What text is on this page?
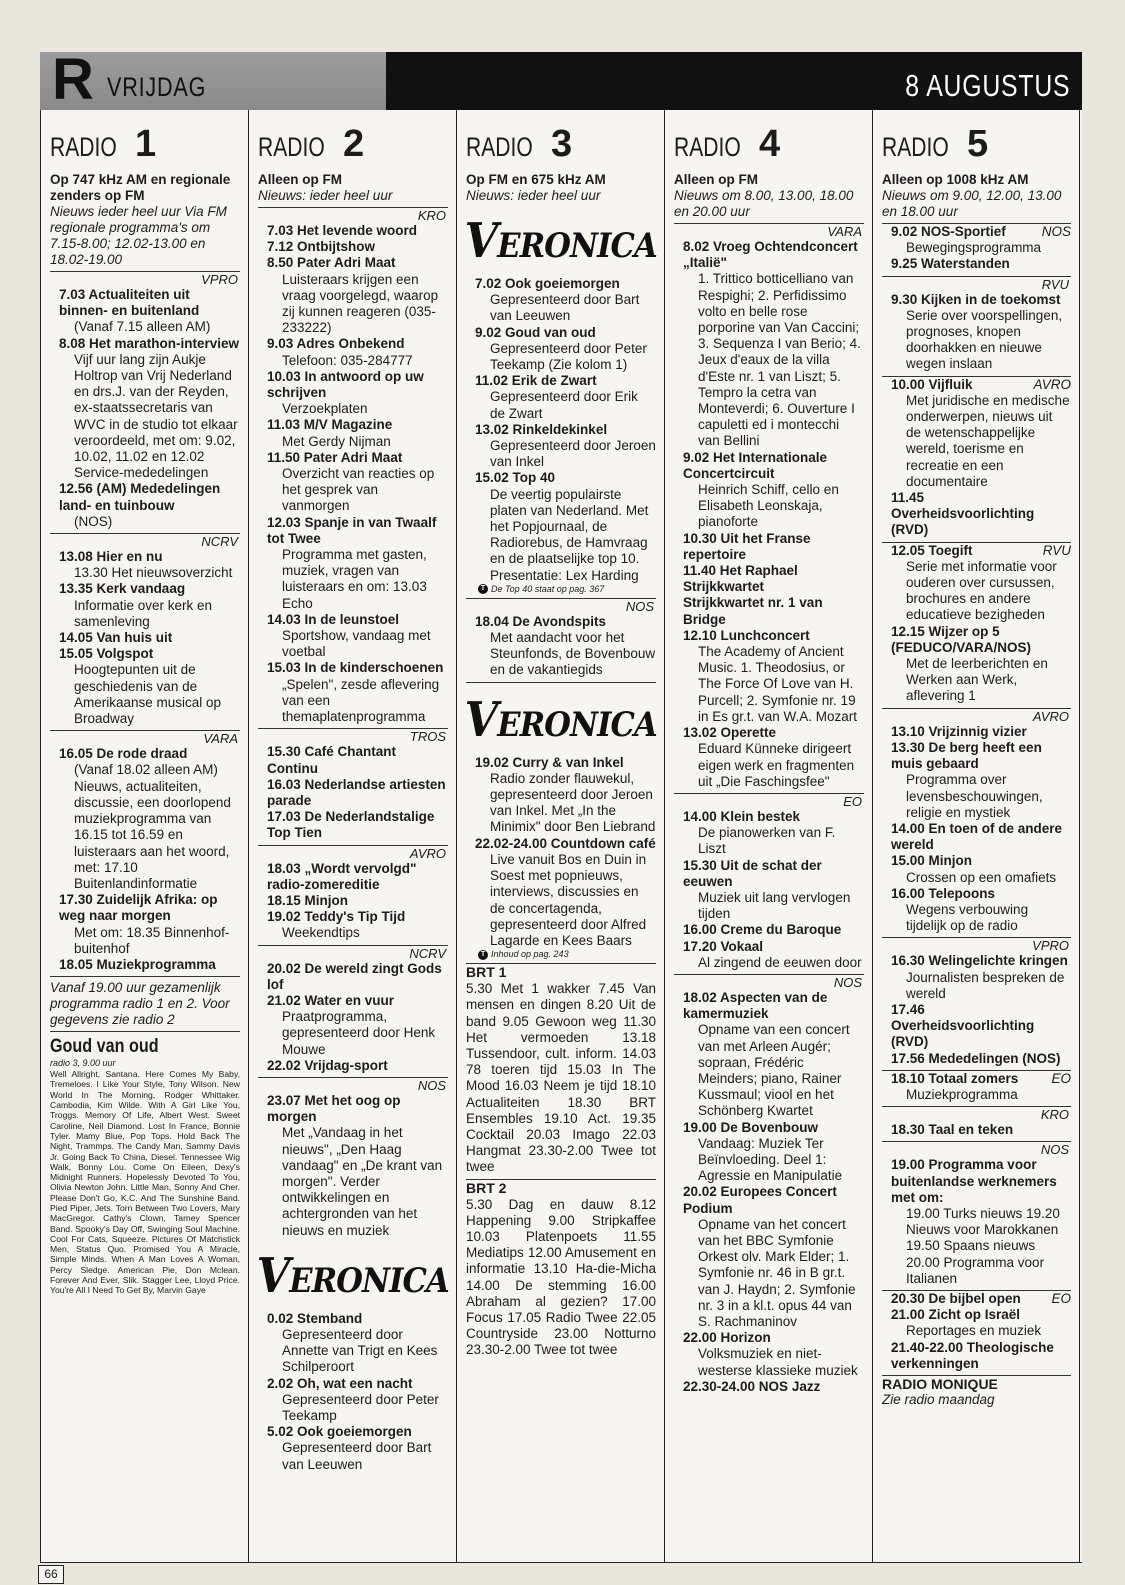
R VRIJDAG	8 AUGUSTUS
RADIO 1
Op 747 kHz AM en regionale zenders op FM
Nieuws ieder heel uur Via FM regionale programma's om 7.15-8.00; 12.02-13.00 en 18.02-19.00
VPRO
7.03 Actualiteiten uit binnen- en buitenland
(Vanaf 7.15 alleen AM)
8.08 Het marathon-interview
Vijf uur lang zijn Aukje Holtrop van Vrij Nederland en drs.J. van der Reyden, ex-staatssecretaris van WVC in de studio tot elkaar veroordeeld, met om: 9.02, 10.02, 11.02 en 12.02 Service-mededelingen
12.56 (AM) Mededelingen land- en tuinbouw
(NOS)
NCRV
13.08 Hier en nu
13.30 Het nieuwsoverzicht
13.35 Kerk vandaag
Informatie over kerk en samenleving
14.05 Van huis uit
15.05 Volgspot
Hoogtepunten uit de geschiedenis van de Amerikaanse musical op Broadway
VARA
16.05 De rode draad
(Vanaf 18.02 alleen AM) Nieuws, actualiteiten, discussie, een doorlopend muziekprogramma van 16.15 tot 16.59 en luisteraars aan het woord, met: 17.10 Buitenlandinformatie
17.30 Zuidelijk Afrika: op weg naar morgen
Met om: 18.35 Binnenhof-buitenhof
18.05 Muziekprogramma
Vanaf 19.00 uur gezamenlijk programma radio 1 en 2. Voor gegevens zie radio 2
Goud van oud
radio 3, 9.00 uur
Well Allright, Santana. Here Comes My Baby, Tremeloes. I Like Your Style, Tony Wilson. New World In The Morning, Rodger Whittaker. Cambodia, Kim Wilde. With A Girl Like You, Troggs. Memory Of Life, Albert West. Sweet Caroline, Neil Diamond. Lost In France, Bonnie Tyler. Mamy Blue, Pop Tops. Hold Back The Night, Trammps. The Candy Man, Sammy Davis Jr. Going Back To China, Diesel. Tennessee Wig Walk, Bonny Lou. Come On Eileen, Dexy's Midnight Runners. Hopelessly Devoted To You, Olivia Newton John. Little Man, Sonny And Cher. Please Don't Go, K.C. And The Sunshine Band. Pied Piper, Jets. Torn Between Two Lovers, Mary MacGregor. Cathy's Clown, Tarney Spencer Band. Spooky's Day Off, Swinging Soul Machine. Cool For Cats, Squeeze. Pictures Of Matchstick Men, Status Quo. Promised You A Miracle, Simple Minds. When A Man Loves A Woman, Percy Sledge. American Pie, Don Mclean. Forever And Ever, Slik. Stagger Lee, Lloyd Price. You're All I Need To Get By, Marvin Gaye
RADIO 2
Alleen op FM
Nieuws: ieder heel uur
KRO
7.03 Het levende woord
7.12 Ontbijtshow
8.50 Pater Adri Maat
Luisteraars krijgen een vraag voorgelegd, waarop zij kunnen reageren (035-233222)
9.03 Adres Onbekend
Telefoon: 035-284777
10.03 In antwoord op uw schrijven
Verzoekplaten
11.03 M/V Magazine
Met Gerdy Nijman
11.50 Pater Adri Maat
Overzicht van reacties op het gesprek van vanmorgen
12.03 Spanje in van Twaalf tot Twee
Programma met gasten, muziek, vragen van luisteraars en om: 13.03 Echo
14.03 In de leunstoel
Sportshow, vandaag met voetbal
15.03 In de kinderschoenen
„Spelen", zesde aflevering van een themaplatenprogramma
TROS
15.30 Café Chantant Continu
16.03 Nederlandse artiesten parade
17.03 De Nederlandstalige Top Tien
AVRO
18.03 „Wordt vervolgd" radio-zomereditie
18.15 Minjon
19.02 Teddy's Tip Tijd
Weekendtips
NCRV
20.02 De wereld zingt Gods lof
21.02 Water en vuur
Praatprogramma, gepresenteerd door Henk Mouwe
22.02 Vrijdag-sport
NOS
23.07 Met het oog op morgen
Met „Vandaag in het nieuws", „Den Haag vandaag" en „De krant van morgen". Verder ontwikkelingen en achtergronden van het nieuws en muziek
VERONICA
0.02 Stemband
Gepresenteerd door Annette van Trigt en Kees Schilperoort
2.02 Oh, wat een nacht
Gepresenteerd door Peter Teekamp
5.02 Ook goeiemorgen
Gepresenteerd door Bart van Leeuwen
RADIO 3
Op FM en 675 kHz AM
Nieuws: ieder heel uur
VERONICA
7.02 Ook goeiemorgen
Gepresenteerd door Bart van Leeuwen
9.02 Goud van oud
Gepresenteerd door Peter Teekamp (Zie kolom 1)
11.02 Erik de Zwart
Gepresenteerd door Erik de Zwart
13.02 Rinkeldekinkel
Gepresenteerd door Jeroen van Inkel
15.02 Top 40
De veertig populairste platen van Nederland. Met het Popjournaal, de Radiorebus, de Hamvraag en de plaatselijke top 10. Presentatie: Lex Harding
T De Top 40 staat op pag. 367
NOS
18.04 De Avondspits
Met aandacht voor het Steunfonds, de Bovenbouw en de vakantiegids
VERONICA
19.02 Curry & van Inkel
Radio zonder flauwekul, gepresenteerd door Jeroen van Inkel. Met „In the Minimix" door Ben Liebrand
22.02-24.00 Countdown café
Live vanuit Bos en Duin in Soest met popnieuws, interviews, discussies en de concertagenda, gepresenteerd door Alfred Lagarde en Kees Baars
T Inhoud op pag. 243
BRT 1
5.30 Met 1 wakker 7.45 Van mensen en dingen 8.20 Uit de band 9.05 Gewoon weg 11.30 Het vermoeden 13.18 Tussendoor, cult. inform. 14.03 78 toeren tijd 15.03 In The Mood 16.03 Neem je tijd 18.10 Actualiteiten 18.30 BRT Ensembles 19.10 Act. 19.35 Cocktail 20.03 Imago 22.03 Hangmat 23.30-2.00 Twee tot twee
BRT 2
5.30 Dag en dauw 8.12 Happening 9.00 Stripkaffee 10.03 Platenpoets 11.55 Mediatips 12.00 Amusement en informatie 13.10 Ha-die-Micha 14.00 De stemming 16.00 Abraham al gezien? 17.00 Focus 17.05 Radio Twee 22.05 Countryside 23.00 Notturno 23.30-2.00 Twee tot twee
RADIO 4
Alleen op FM
Nieuws om 8.00, 13.00, 18.00 en 20.00 uur
VARA
8.02 Vroeg Ochtendconcert „Italië"
1. Trittico botticelliano van Respighi; 2. Perfidissimo volto en belle rose porporine van Van Caccini; 3. Sequenza I van Berio; 4. Jeux d'eaux de la villa d'Este nr. 1 van Liszt; 5. Tempro la cetra van Monteverdi; 6. Ouverture I capuletti ed i montecchi van Bellini
9.02 Het Internationale Concertcircuit
Heinrich Schiff, cello en Elisabeth Leonskaja, pianoforte
10.30 Uit het Franse repertoire
11.40 Het Raphael Strijkkwartet
Strijkkwartet nr. 1 van Bridge
12.10 Lunchconcert
The Academy of Ancient Music. 1. Theodosius, or The Force Of Love van H. Purcell; 2. Symfonie nr. 19 in Es gr.t. van W.A. Mozart
13.02 Operette
Eduard Künneke dirigeert eigen werk en fragmenten uit „Die Faschingsfee"
EO
14.00 Klein bestek
De pianowerken van F. Liszt
15.30 Uit de schat der eeuwen
Muziek uit lang vervlogen tijden
16.00 Creme du Baroque
17.20 Vokaal
Al zingend de eeuwen door
NOS
18.02 Aspecten van de kamermuziek
Opname van een concert van met Arleen Augér; sopraan, Frédéric Meinders; piano, Rainer Kussmaul; viool en het Schönberg Kwartet
19.00 De Bovenbouw
Vandaag: Muziek Ter Beïnvloeding. Deel 1: Agressie en Manipulatie
20.02 Europees Concert Podium
Opname van het concert van het BBC Symfonie Orkest olv. Mark Elder; 1. Symfonie nr. 46 in B gr.t. van J. Haydn; 2. Symfonie nr. 3 in a kl.t. opus 44 van S. Rachmaninov
22.00 Horizon
Volksmuziek en niet-westerse klassieke muziek
22.30-24.00 NOS Jazz
RADIO 5
Alleen op 1008 kHz AM
Nieuws om 9.00, 12.00, 13.00 en 18.00 uur
9.02 NOS-Sportief	NOS
Bewegingsprogramma
9.25 Waterstanden
RVU
9.30 Kijken in de toekomst
Serie over voorspellingen, prognoses, knopen doorhakken en nieuwe wegen inslaan
10.00 Vijfluik	AVRO
Met juridische en medische onderwerpen, nieuws uit de wetenschappelijke wereld, toerisme en recreatie en een documentaire
11.45 Overheidsvoorlichting (RVD)
12.05 Toegift	RVU
Serie met informatie voor ouderen over cursussen, brochures en andere educatieve bezigheden
12.15 Wijzer op 5 (FEDUCO/VARA/NOS)
Met de leerberichten en Werken aan Werk, aflevering 1
AVRO
13.10 Vrijzinnig vizier
13.30 De berg heeft een muis gebaard
Programma over levensbeschouwingen, religie en mystiek
14.00 En toen of de andere wereld
15.00 Minjon
Crossen op een omafiets
16.00 Telepoons
Wegens verbouwing tijdelijk op de radio
VPRO
16.30 Welingelichte kringen
Journalisten bespreken de wereld
17.46 Overheidsvoorlichting (RVD)
17.56 Mededelingen (NOS)
18.10 Totaal zomers EO
Muziekprogramma
KRO
18.30 Taal en teken
NOS
19.00 Programma voor buitenlandse werknemers met om:
19.00 Turks nieuws 19.20 Nieuws voor Marokkanen 19.50 Spaans nieuws 20.00 Programma voor Italianen
20.30 De bijbel open EO
21.00 Zicht op Israël
Reportages en muziek
21.40-22.00 Theologische verkenningen
RADIO MONIQUE
Zie radio maandag
66
